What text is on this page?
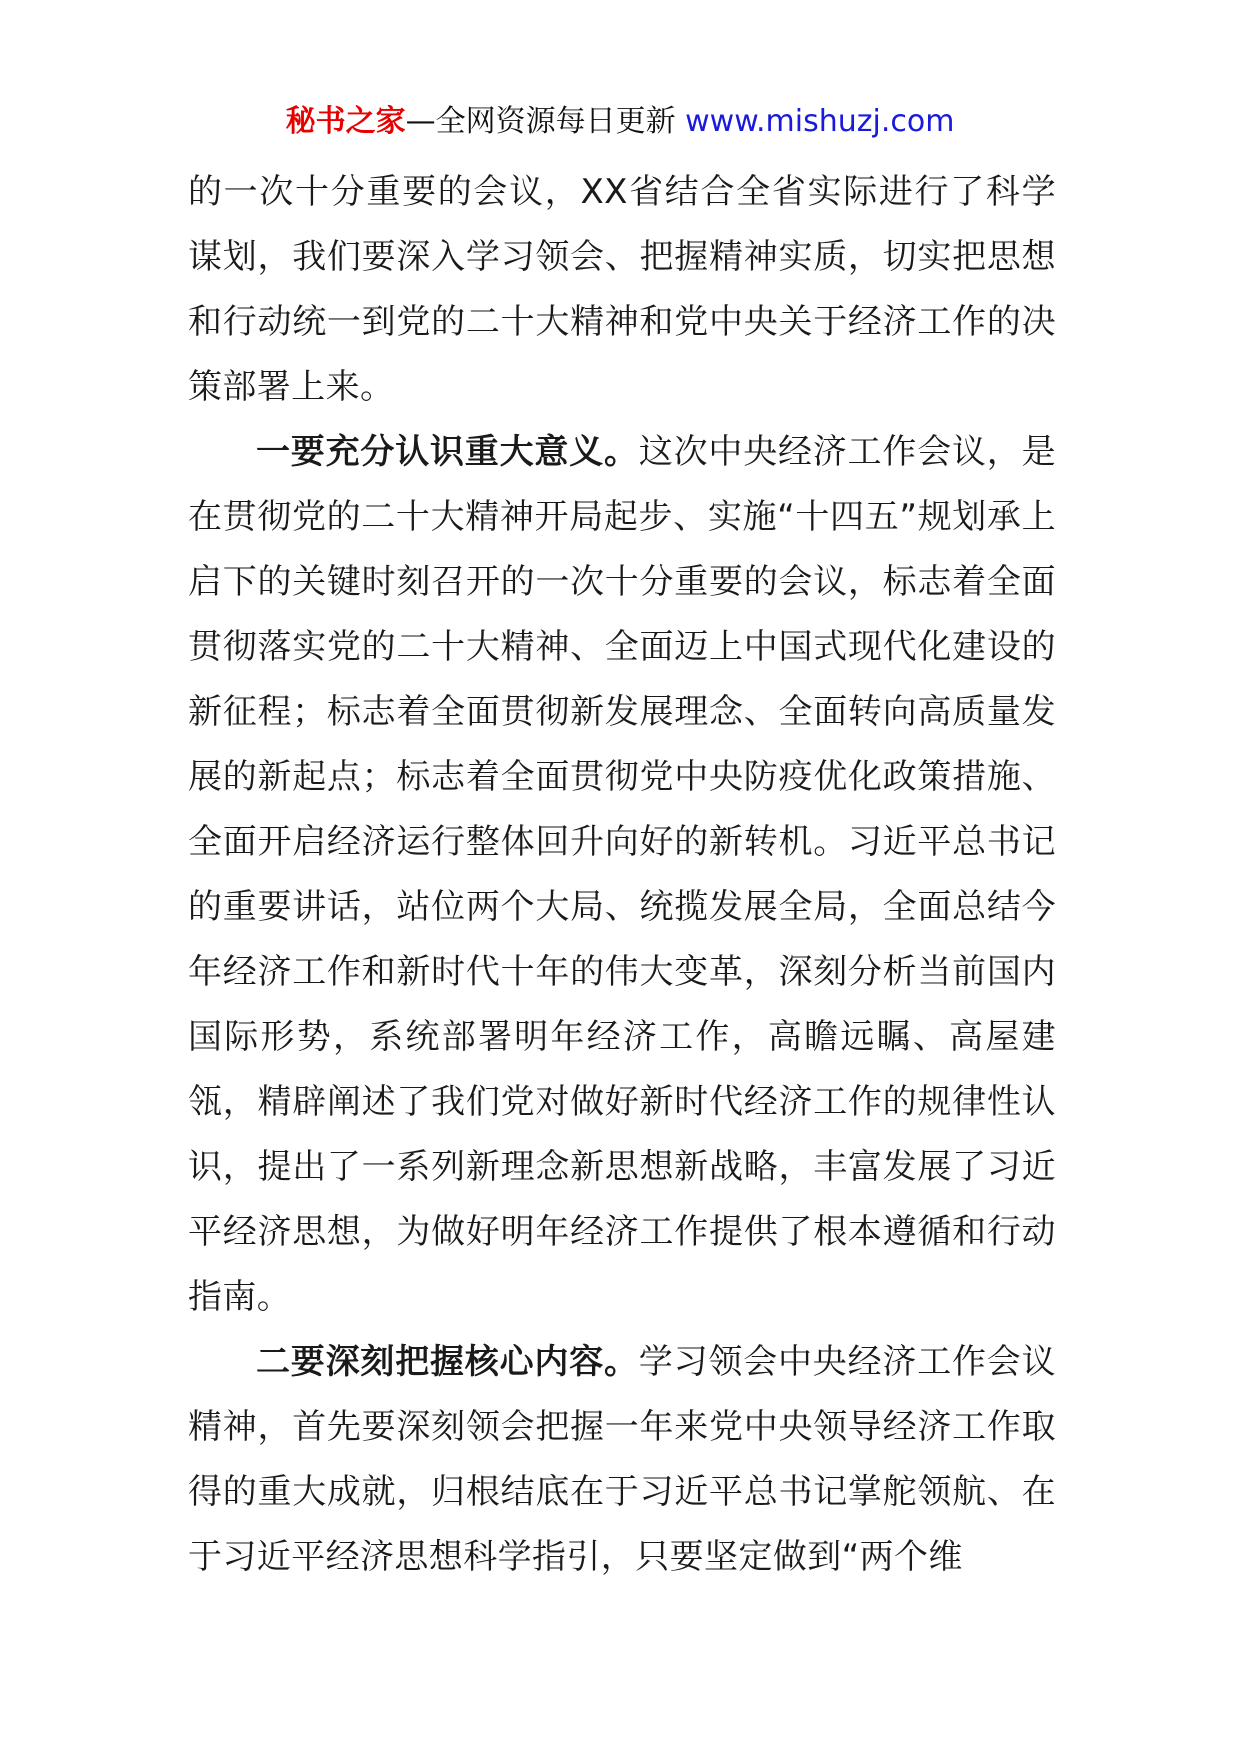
秘书之家—全网资源每日更新 www.mishuzj.com

的一次十分重要的会议，XX省结合全省实际进行了科学谋划，我们要深入学习领会、把握精神实质，切实把思想和行动统一到党的二十大精神和党中央关于经济工作的决策部署上来。

一要充分认识重大意义。这次中央经济工作会议，是在贯彻党的二十大精神开局起步、实施“十四五”规划承上启下的关键时刻召开的一次十分重要的会议，标志着全面贯彻落实党的二十大精神、全面迈上中国式现代化建设的新征程；标志着全面贯彻新发展理念、全面转向高质量发展的新起点；标志着全面贯彻党中央防疫优化政策措施、全面开启经济运行整体回升向好的新转机。习近平总书记的重要讲话，站位两个大局、统揽发展全局，全面总结今年经济工作和新时代十年的伟大变革，深刻分析当前国内国际形势，系统部署明年经济工作，高瞻远瞩、高屋建瓴，精辟阐述了我们党对做好新时代经济工作的规律性认识，提出了一系列新理念新思想新战略，丰富发展了习近平经济思想，为做好明年经济工作提供了根本遵循和行动指南。

二要深刻把握核心内容。学习领会中央经济工作会议精神，首先要深刻领会把握一年来党中央领导经济工作取得的重大成就，归根结底在于习近平总书记掌舵领航、在于习近平经济思想科学指引，只要坚定做到“两个维
